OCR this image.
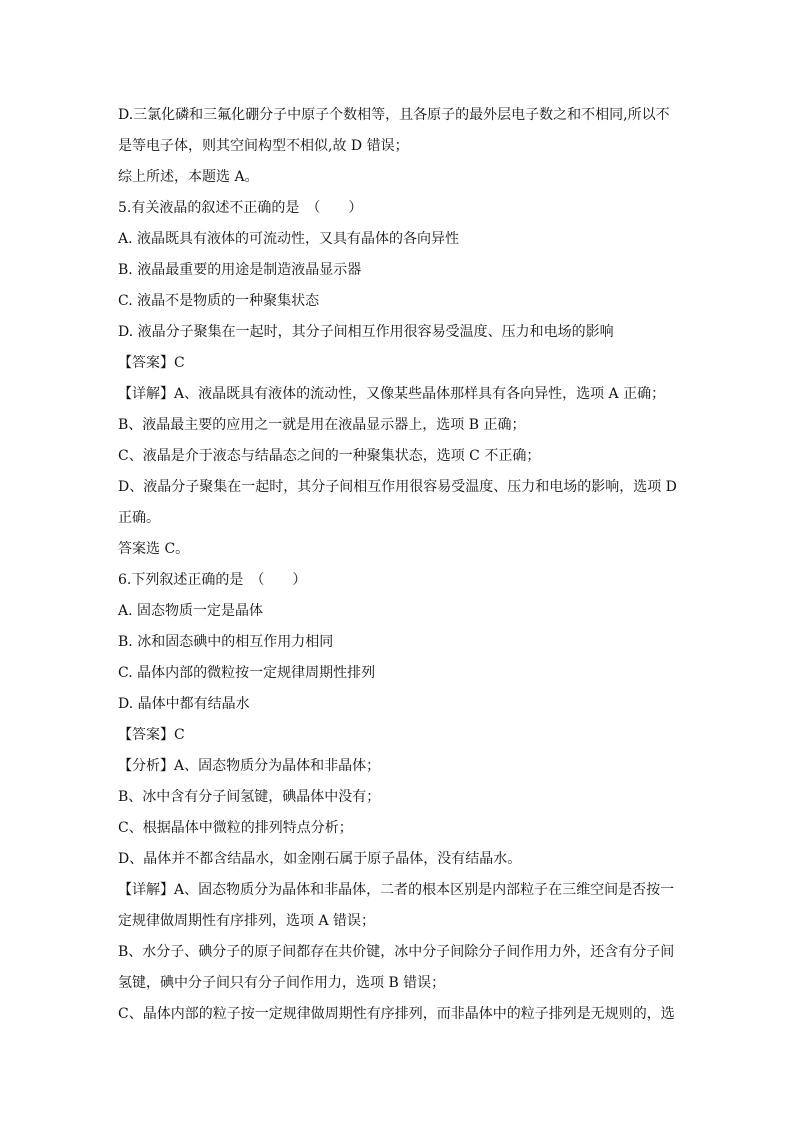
D.三氯化磷和三氟化硼分子中原子个数相等，且各原子的最外层电子数之和不相同,所以不
是等电子体，则其空间构型不相似,故 D 错误；
综上所述，本题选 A。
5.有关液晶的叙述不正确的是　（　　）
A. 液晶既具有液体的可流动性，又具有晶体的各向异性
B. 液晶最重要的用途是制造液晶显示器
C. 液晶不是物质的一种聚集状态
D. 液晶分子聚集在一起时，其分子间相互作用很容易受温度、压力和电场的影响
【答案】C
【详解】A、液晶既具有液体的流动性，又像某些晶体那样具有各向异性，选项 A 正确；
B、液晶最主要的应用之一就是用在液晶显示器上，选项 B 正确；
C、液晶是介于液态与结晶态之间的一种聚集状态，选项 C 不正确；
D、液晶分子聚集在一起时，其分子间相互作用很容易受温度、压力和电场的影响，选项 D
正确。
答案选 C。
6.下列叙述正确的是　（　　）
A. 固态物质一定是晶体
B. 冰和固态碘中的相互作用力相同
C. 晶体内部的微粒按一定规律周期性排列
D. 晶体中都有结晶水
【答案】C
【分析】A、固态物质分为晶体和非晶体；
B、冰中含有分子间氢键，碘晶体中没有；
C、根据晶体中微粒的排列特点分析；
D、晶体并不都含结晶水，如金刚石属于原子晶体，没有结晶水。
【详解】A、固态物质分为晶体和非晶体，二者的根本区别是内部粒子在三维空间是否按一
定规律做周期性有序排列，选项 A 错误；
B、水分子、碘分子的原子间都存在共价键，冰中分子间除分子间作用力外，还含有分子间
氢键，碘中分子间只有分子间作用力，选项 B 错误；
C、晶体内部的粒子按一定规律做周期性有序排列，而非晶体中的粒子排列是无规则的，选
